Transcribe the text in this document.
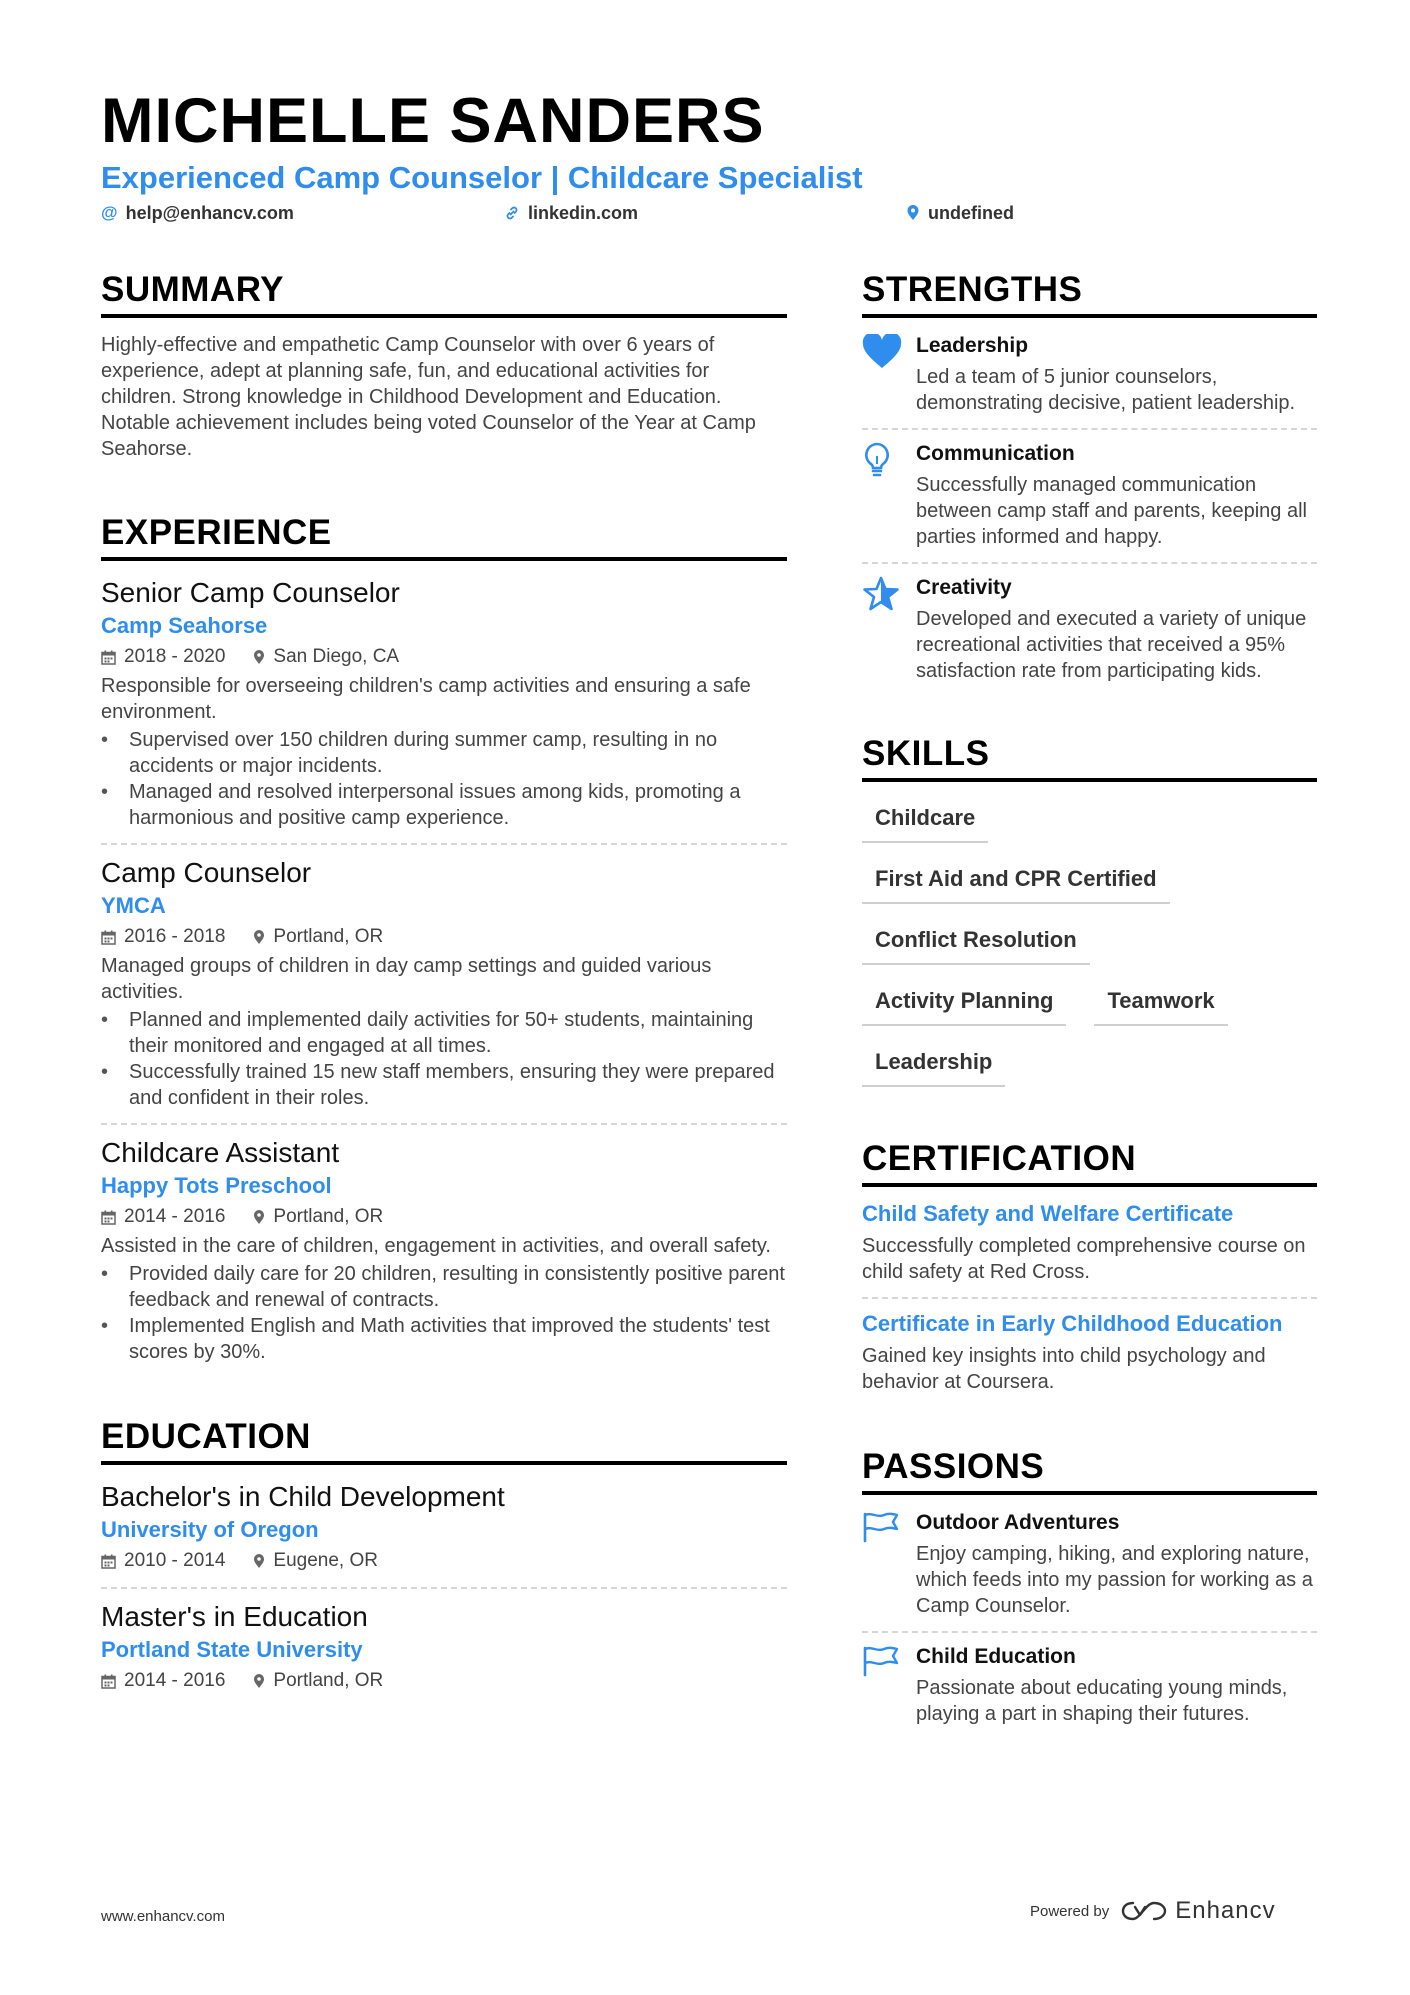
MICHELLE SANDERS
Experienced Camp Counselor | Childcare Specialist
@ help@enhancv.com	linkedin.com	undefined
SUMMARY
Highly-effective and empathetic Camp Counselor with over 6 years of experience, adept at planning safe, fun, and educational activities for children. Strong knowledge in Childhood Development and Education. Notable achievement includes being voted Counselor of the Year at Camp Seahorse.
EXPERIENCE
Senior Camp Counselor
Camp Seahorse
2018 - 2020	San Diego, CA
Responsible for overseeing children's camp activities and ensuring a safe environment.
• Supervised over 150 children during summer camp, resulting in no accidents or major incidents.
• Managed and resolved interpersonal issues among kids, promoting a harmonious and positive camp experience.
Camp Counselor
YMCA
2016 - 2018	Portland, OR
Managed groups of children in day camp settings and guided various activities.
• Planned and implemented daily activities for 50+ students, maintaining their monitored and engaged at all times.
• Successfully trained 15 new staff members, ensuring they were prepared and confident in their roles.
Childcare Assistant
Happy Tots Preschool
2014 - 2016	Portland, OR
Assisted in the care of children, engagement in activities, and overall safety.
• Provided daily care for 20 children, resulting in consistently positive parent feedback and renewal of contracts.
• Implemented English and Math activities that improved the students' test scores by 30%.
EDUCATION
Bachelor's in Child Development
University of Oregon
2010 - 2014	Eugene, OR
Master's in Education
Portland State University
2014 - 2016	Portland, OR
STRENGTHS
Leadership
Led a team of 5 junior counselors, demonstrating decisive, patient leadership.
Communication
Successfully managed communication between camp staff and parents, keeping all parties informed and happy.
Creativity
Developed and executed a variety of unique recreational activities that received a 95% satisfaction rate from participating kids.
SKILLS
Childcare
First Aid and CPR Certified
Conflict Resolution
Activity Planning	Teamwork
Leadership
CERTIFICATION
Child Safety and Welfare Certificate
Successfully completed comprehensive course on child safety at Red Cross.
Certificate in Early Childhood Education
Gained key insights into child psychology and behavior at Coursera.
PASSIONS
Outdoor Adventures
Enjoy camping, hiking, and exploring nature, which feeds into my passion for working as a Camp Counselor.
Child Education
Passionate about educating young minds, playing a part in shaping their futures.
www.enhancv.com	Powered by	Enhancv
